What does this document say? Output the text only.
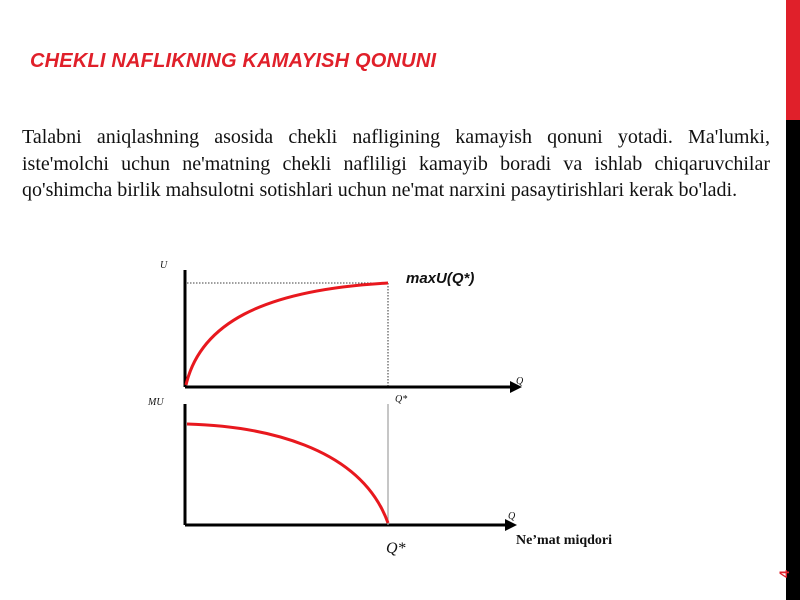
CHEKLI NAFLIKNING KAMAYISH QONUNI
Talabni aniqlashning asosida chekli nafligining kamayish qonuni yotadi. Ma'lumki, iste'molchi uchun ne'matning chekli nafliligi kamayib boradi va ishlab chiqaruvchilar qo'shimcha birlik mahsulotni sotishlari uchun ne'mat narxini pasaytirishlari kerak bo'ladi.
U
Q
maxU(Q*)
Q*
MU
Q
Q*	Ne’mat miqdori
4
